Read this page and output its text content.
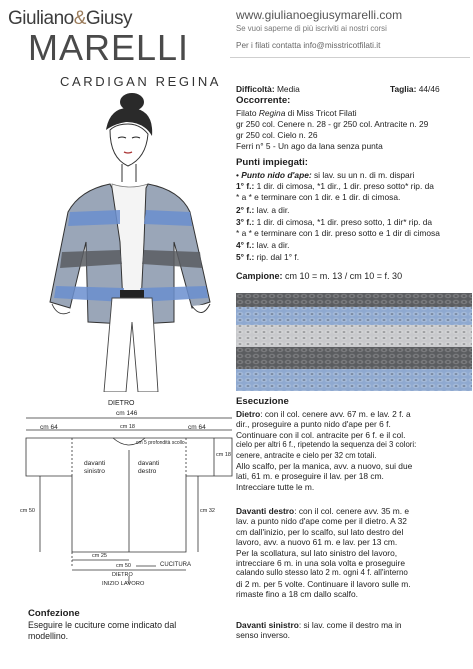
Giuliano&Giusy
MARELLI
CARDIGAN REGINA
www.giulianoegiusymarelli.com
Se vuoi saperne di più iscriviti ai nostri corsi
Per i filati contatta info@misstricotfilati.it
Difficoltà: Media	Taglia: 44/46
Occorrente:
Filato Regina di Miss Tricot Filati
gr 250 col. Cenere n. 28 - gr 250 col. Antracite n. 29
gr 250 col. Cielo n. 26
Ferri n° 5 - Un ago da lana senza punta
Punti impiegati:
• Punto nido d'ape: si lav. su un n. di m. dispari
1° f.: 1 dir. di cimosa, *1 dir., 1 dir. preso sotto* rip. da
* a * e terminare con 1 dir. e 1 dir. di cimosa.
2° f.: lav. a dir.
3° f.: 1 dir. di cimosa, *1 dir. preso sotto, 1 dir* rip. da
* a * e terminare con 1 dir. preso sotto e 1 dir di cimosa
4° f.: lav. a dir.
5° f.: rip. dal 1° f.
Campione: cm 10 = m. 13 / cm 10 = f. 30
Esecuzione
Dietro: con il col. cenere avv. 67 m. e lav. 2 f. a
dir., proseguire a punto nido d'ape per 6 f.
Continuare con il col. antracite per 6 f. e il col.
cielo per altri 6 f., ripetendo la sequenza dei 3 colori:
cenere, antracite e cielo per 32 cm totali.
Allo scalfo, per la manica, avv. a nuovo, sui due
lati, 61 m. e proseguire il lav. per 18 cm.
Intrecciare tutte le m.
Davanti destro: con il col. cenere avv. 35 m. e
lav. a punto nido d'ape come per il dietro. A 32
cm dall'inizio, per lo scalfo, sul lato destro del
lavoro, avv. a nuovo 61 m. e lav. per 13 cm.
Per la scollatura, sul lato sinistro del lavoro,
intrecciare 6 m. in una sola volta e proseguire
calando sullo stesso lato 2 m. ogni 4 f. all'interno
di 2 m. per 5 volte. Continuare il lavoro sulle m.
rimaste fino a 18 cm dallo scalfo.
Davanti sinistro: si lav. come il destro ma in
senso inverso.
DIETRO
cm 146
cm 64	cm 64
cm 5 profondità scollo
cm 18
davanti
sinistro
davanti
destro
cm 18
cm 32
cm 50
cm 25
cm 50
DIETRO
CUCITURA
INIZIO LAVORO
Confezione
Eseguire le cuciture come indicato dal
modellino.
